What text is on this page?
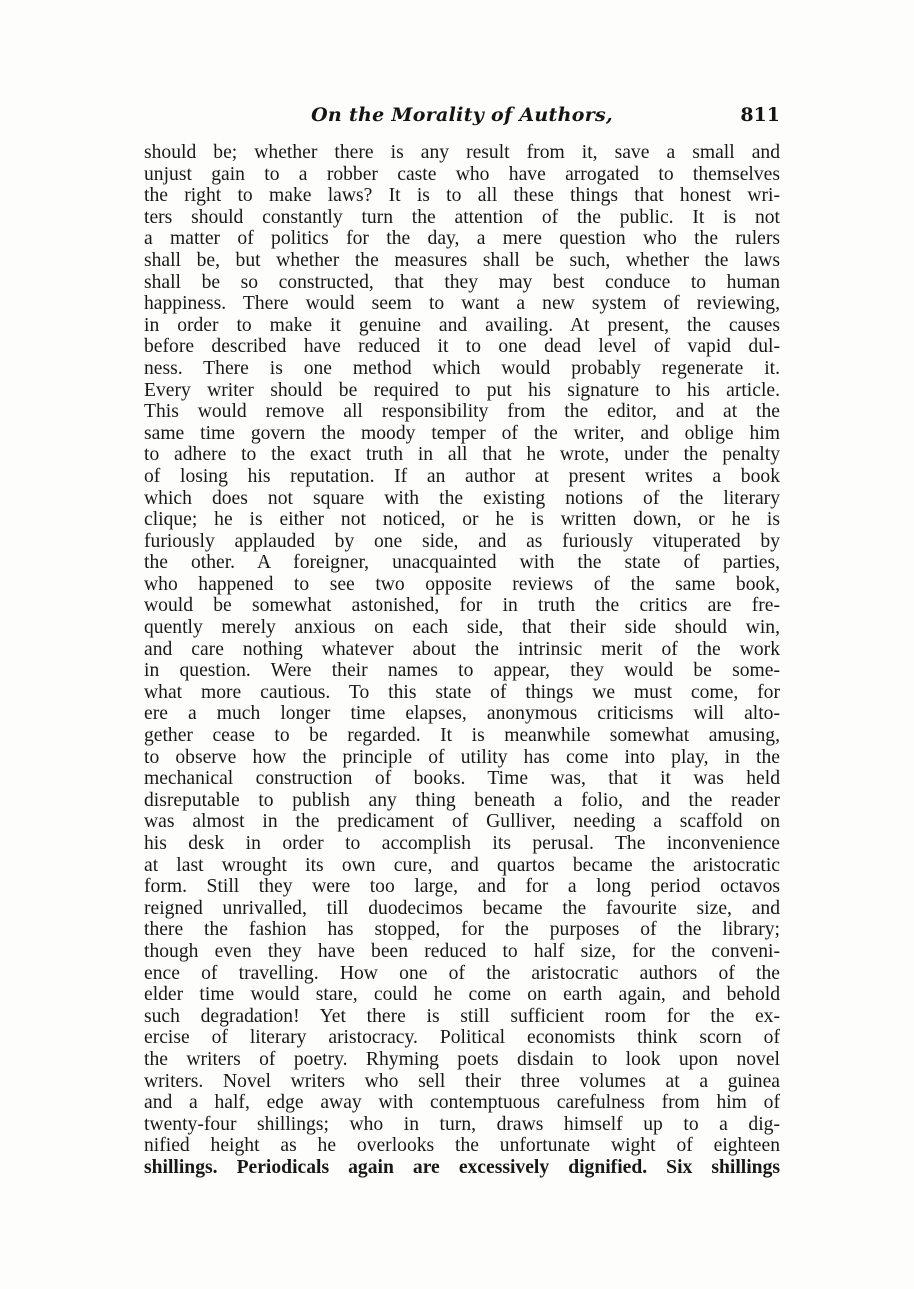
On the Morality of Authors,	811
should be; whether there is any result from it, save a small and
unjust gain to a robber caste who have arrogated to themselves
the right to make laws? It is to all these things that honest wri-
ters should constantly turn the attention of the public. It is not
a matter of politics for the day, a mere question who the rulers
shall be, but whether the measures shall be such, whether the laws
shall be so constructed, that they may best conduce to human
happiness. There would seem to want a new system of reviewing,
in order to make it genuine and availing. At present, the causes
before described have reduced it to one dead level of vapid dul-
ness. There is one method which would probably regenerate it.
Every writer should be required to put his signature to his article.
This would remove all responsibility from the editor, and at the
same time govern the moody temper of the writer, and oblige him
to adhere to the exact truth in all that he wrote, under the penalty
of losing his reputation. If an author at present writes a book
which does not square with the existing notions of the literary
clique; he is either not noticed, or he is written down, or he is
furiously applauded by one side, and as furiously vituperated by
the other. A foreigner, unacquainted with the state of parties,
who happened to see two opposite reviews of the same book,
would be somewhat astonished, for in truth the critics are fre-
quently merely anxious on each side, that their side should win,
and care nothing whatever about the intrinsic merit of the work
in question. Were their names to appear, they would be some-
what more cautious. To this state of things we must come, for
ere a much longer time elapses, anonymous criticisms will alto-
gether cease to be regarded. It is meanwhile somewhat amusing,
to observe how the principle of utility has come into play, in the
mechanical construction of books. Time was, that it was held
disreputable to publish any thing beneath a folio, and the reader
was almost in the predicament of Gulliver, needing a scaffold on
his desk in order to accomplish its perusal. The inconvenience
at last wrought its own cure, and quartos became the aristocratic
form. Still they were too large, and for a long period octavos
reigned unrivalled, till duodecimos became the favourite size, and
there the fashion has stopped, for the purposes of the library;
though even they have been reduced to half size, for the conveni-
ence of travelling. How one of the aristocratic authors of the
elder time would stare, could he come on earth again, and behold
such degradation! Yet there is still sufficient room for the ex-
ercise of literary aristocracy. Political economists think scorn of
the writers of poetry. Rhyming poets disdain to look upon novel
writers. Novel writers who sell their three volumes at a guinea
and a half, edge away with contemptuous carefulness from him of
twenty-four shillings; who in turn, draws himself up to a dig-
nified height as he overlooks the unfortunate wight of eighteen
shillings. Periodicals again are excessively dignified. Six shillings
